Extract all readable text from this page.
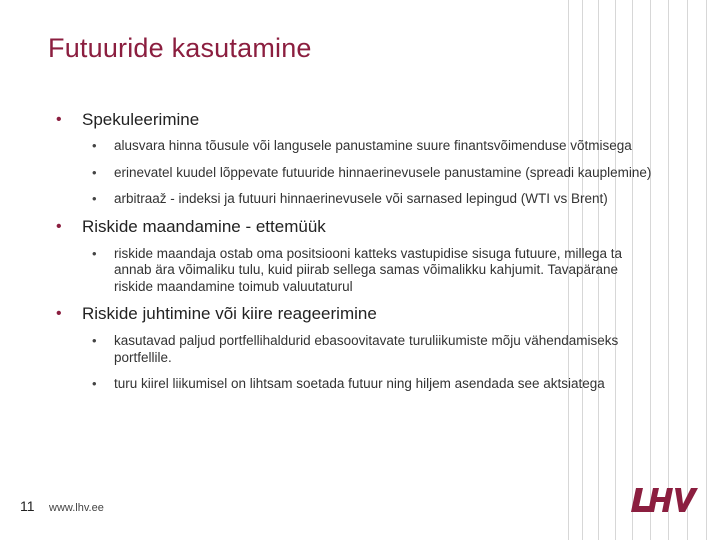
Futuuride kasutamine
• Spekuleerimine
• alusvara hinna tõusule või langusele panustamine suure finantsvõimenduse võtmisega
• erinevatel kuudel lõppevate futuuride hinnaerinevusele panustamine (spreadi kauplemine)
• arbitraaž - indeksi ja futuuri hinnaerinevusele või sarnased lepingud (WTI vs Brent)
• Riskide maandamine - ettemüük
• riskide maandaja ostab oma positsiooni katteks vastupidise sisuga futuure, millega ta annab ära võimaliku tulu, kuid piirab sellega samas võimalikku kahjumit. Tavapärane riskide maandamine toimub valuutaturul
• Riskide juhtimine või kiire reageerimine
• kasutavad paljud portfellihaldurid ebasoovitavate turuliikumiste mõju vähendamiseks portfellile.
• turu kiirel liikumisel on lihtsam soetada futuur ning hiljem asendada see aktsiatega
11 www.lhv.ee
